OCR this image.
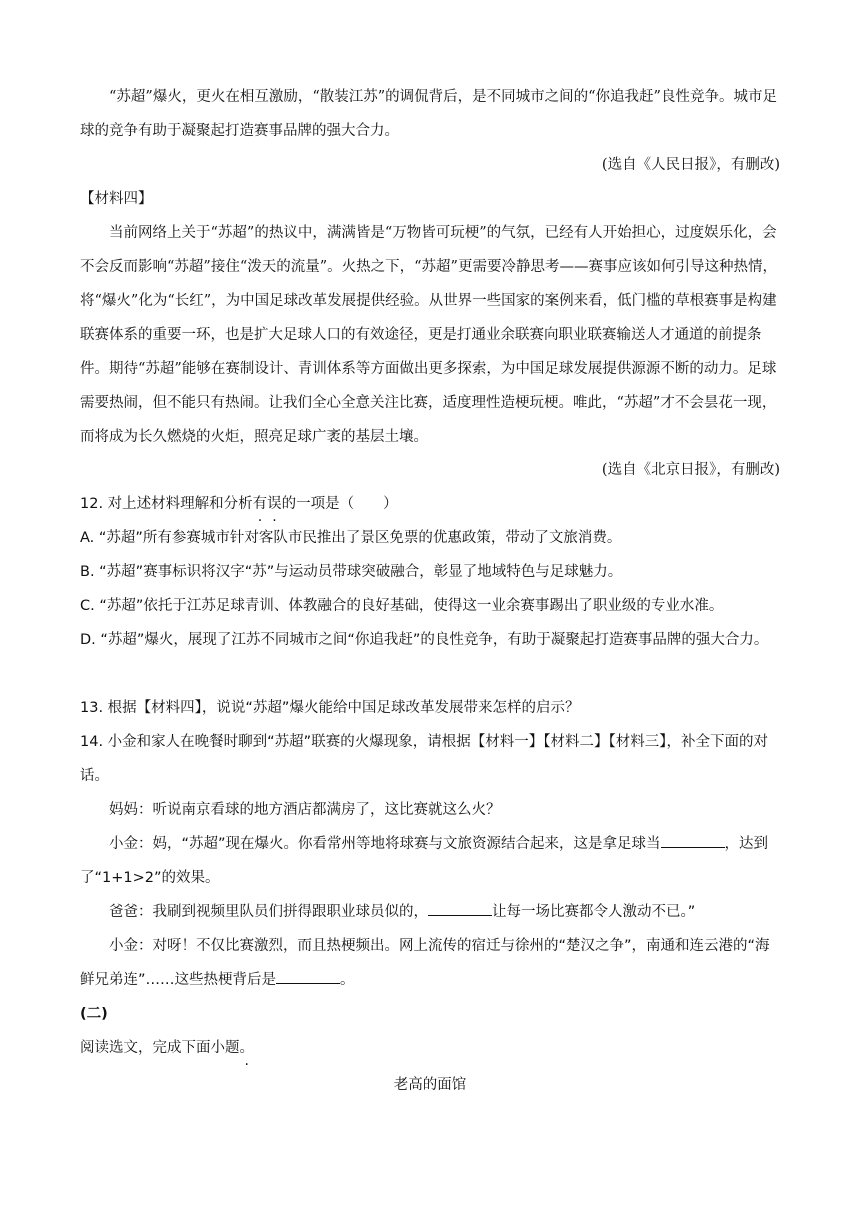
“苏超”爆火，更火在相互激励，“散装江苏”的调侃背后，是不同城市之间的“你追我赶”良性竞争。城市足球的竞争有助于凝聚起打造赛事品牌的强大合力。

(选自《人民日报》，有删改)

【材料四】

当前网络上关于“苏超”的热议中，满满皆是“万物皆可玩梗”的气氛，已经有人开始担心，过度娱乐化，会不会反而影响“苏超”接住“泼天的流量”。火热之下，“苏超”更需要冷静思考——赛事应该如何引导这种热情，将“爆火”化为“长红”，为中国足球改革发展提供经验。从世界一些国家的案例来看，低门槛的草根赛事是构建联赛体系的重要一环，也是扩大足球人口的有效途径，更是打通业余联赛向职业联赛输送人才通道的前提条件。期待“苏超”能够在赛制设计、青训体系等方面做出更多探索，为中国足球发展提供源源不断的动力。足球需要热闹，但不能只有热闹。让我们全心全意关注比赛，适度理性造梗玩梗。唯此，“苏超”才不会昙花一现，而将成为长久燃烧的火炬，照亮足球广袤的基层土壤。

(选自《北京日报》，有删改)

12. 对上述材料理解和分析有误的一项是（　　）

A. “苏超”所有参赛城市针对客队市民推出了景区免票的优惠政策，带动了文旅消费。

B. “苏超”赛事标识将汉字“苏”与运动员带球突破融合，彰显了地域特色与足球魅力。

C. “苏超”依托于江苏足球青训、体教融合的良好基础，使得这一业余赛事踢出了职业级的专业水准。

D. “苏超”爆火，展现了江苏不同城市之间“你追我赶”的良性竞争，有助于凝聚起打造赛事品牌的强大合力。

13. 根据【材料四】，说说“苏超”爆火能给中国足球改革发展带来怎样的启示？

14. 小金和家人在晚餐时聊到“苏超”联赛的火爆现象，请根据【材料一】【材料二】【材料三】，补全下面的对话。

妈妈：听说南京看球的地方酒店都满房了，这比赛就这么火？

小金：妈，“苏超”现在爆火。你看常州等地将球赛与文旅资源结合起来，这是拿足球当	，达到了“1+1>2”的效果。

爸爸：我刷到视频里队员们拼得跟职业球员似的，	让每一场比赛都令人激动不已。”

小金：对呀！不仅比赛激烈，而且热梗频出。网上流传的宿迁与徐州的“楚汉之争”，南通和连云港的“海鲜兄弟连”……这些热梗背后是	。

(二)

阅读选文，完成下面小题。 ·

老高的面馆
